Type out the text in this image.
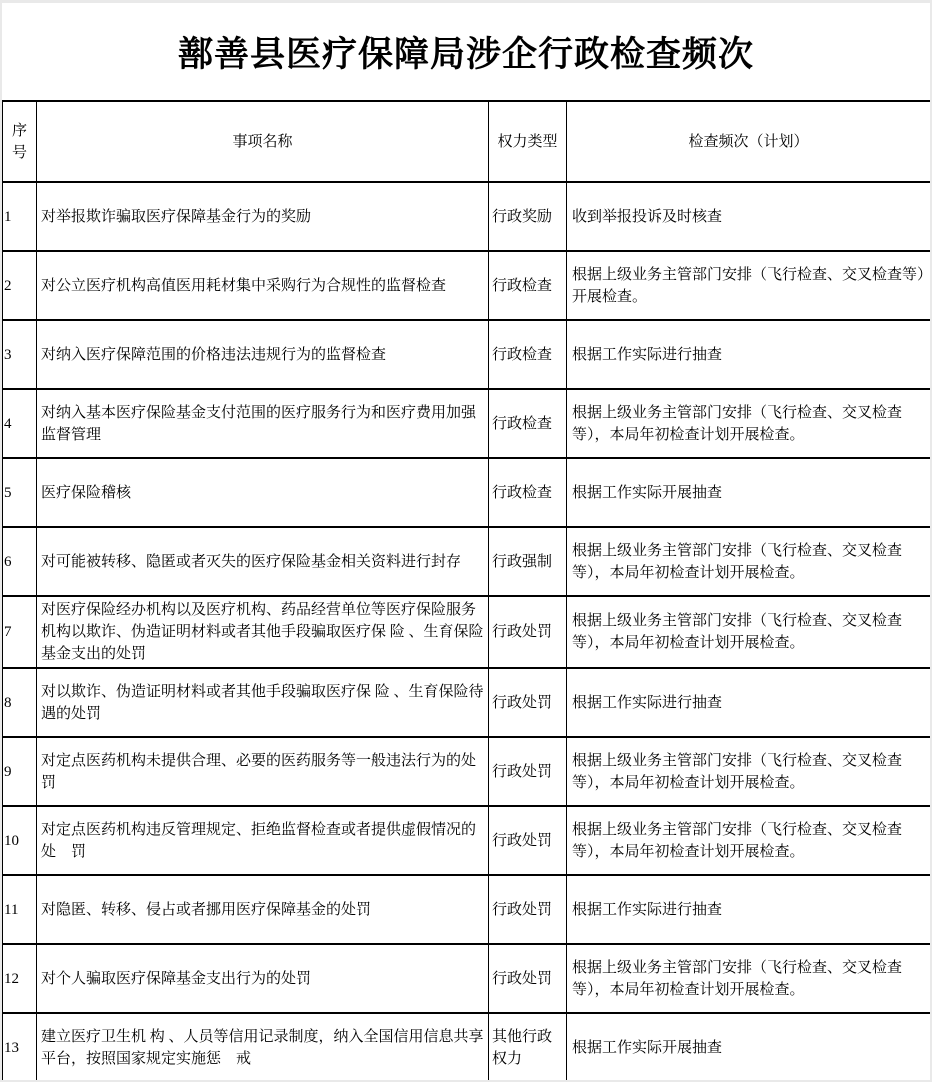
鄯善县医疗保障局涉企行政检查频次
序号	事项名称	权力类型	检查频次（计划）
1	对举报欺诈骗取医疗保障基金行为的奖励	行政奖励	收到举报投诉及时核查
2	对公立医疗机构高值医用耗材集中采购行为合规性的监督检查	行政检查	根据上级业务主管部门安排（飞行检查、交叉检查等）开展检查。
3	对纳入医疗保障范围的价格违法违规行为的监督检查	行政检查	根据工作实际进行抽查
4	对纳入基本医疗保险基金支付范围的医疗服务行为和医疗费用加强监督管理	行政检查	根据上级业务主管部门安排（飞行检查、交叉检查等），本局年初检查计划开展检查。
5	医疗保险稽核	行政检查	根据工作实际开展抽查
6	对可能被转移、隐匿或者灭失的医疗保险基金相关资料进行封存	行政强制	根据上级业务主管部门安排（飞行检查、交叉检查等），本局年初检查计划开展检查。
7	对医疗保险经办机构以及医疗机构、药品经营单位等医疗保险服务机构以欺诈、伪造证明材料或者其他手段骗取医疗保 险 、生育保险基金支出的处罚	行政处罚	根据上级业务主管部门安排（飞行检查、交叉检查等），本局年初检查计划开展检查。
8	对以欺诈、伪造证明材料或者其他手段骗取医疗保 险 、生育保险待遇的处罚	行政处罚	根据工作实际进行抽查
9	对定点医药机构未提供合理、必要的医药服务等一般违法行为的处罚	行政处罚	根据上级业务主管部门安排（飞行检查、交叉检查等），本局年初检查计划开展检查。
10	对定点医药机构违反管理规定、拒绝监督检查或者提供虚假情况的处　罚	行政处罚	根据上级业务主管部门安排（飞行检查、交叉检查等），本局年初检查计划开展检查。
11	对隐匿、转移、侵占或者挪用医疗保障基金的处罚	行政处罚	根据工作实际进行抽查
12	对个人骗取医疗保障基金支出行为的处罚	行政处罚	根据上级业务主管部门安排（飞行检查、交叉检查等），本局年初检查计划开展检查。
13	建立医疗卫生机 构 、人员等信用记录制度，纳入全国信用信息共享平台，按照国家规定实施惩　戒	其他行政权力	根据工作实际开展抽查
